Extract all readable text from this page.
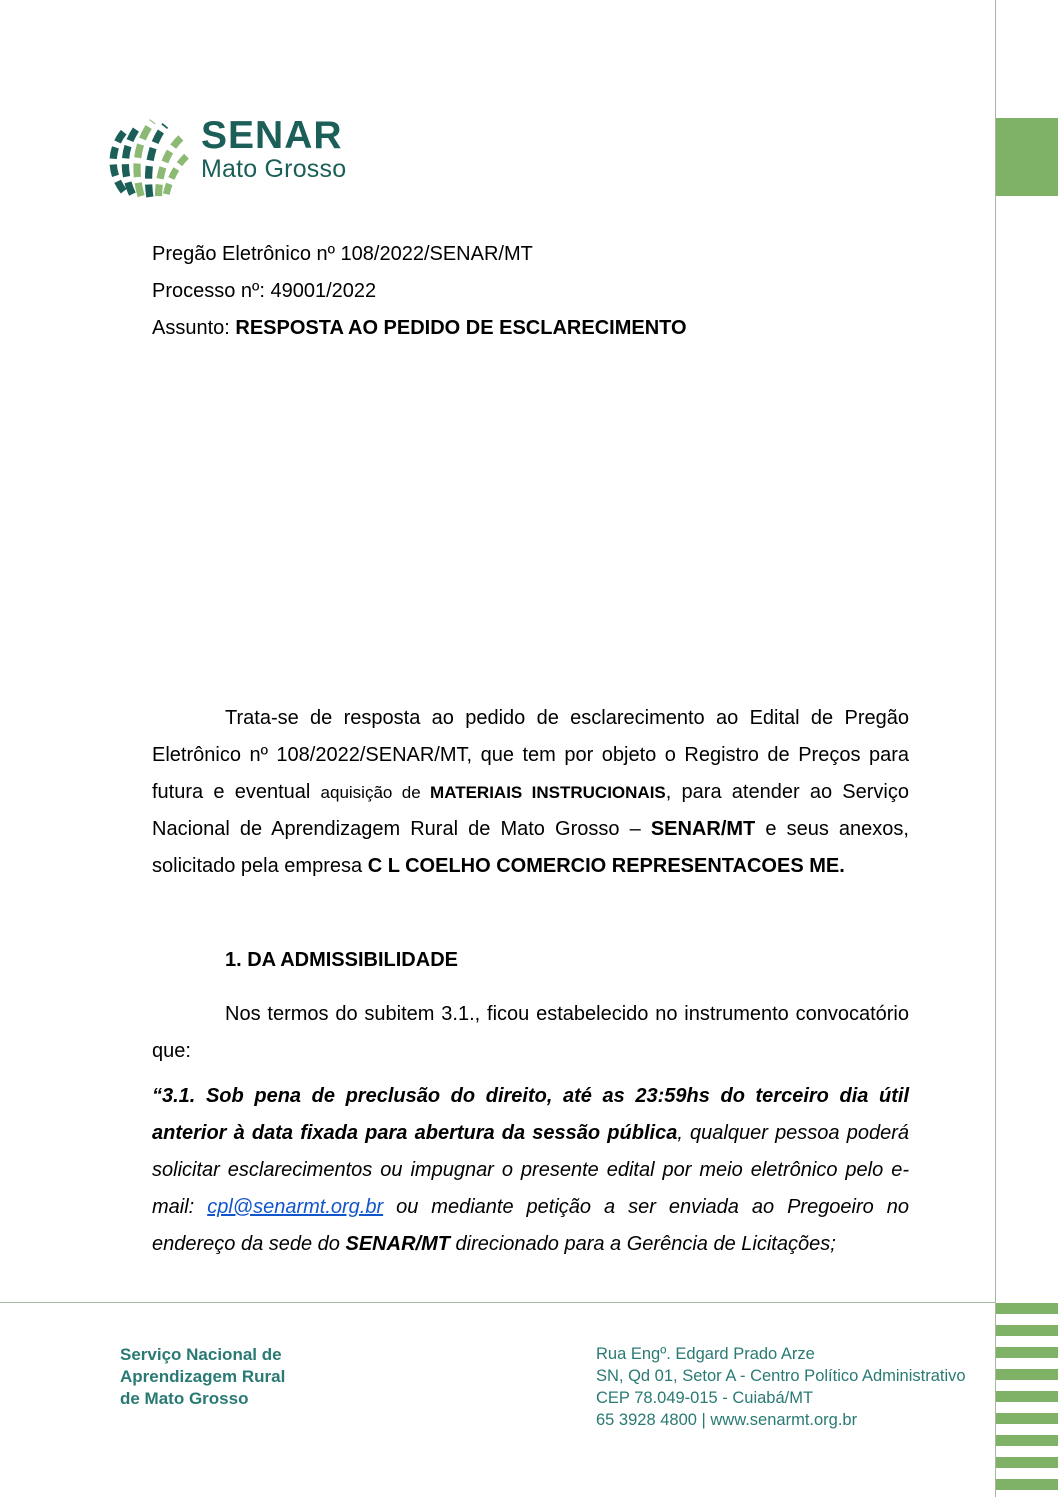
SENAR
Mato Grosso
Pregão Eletrônico nº 108/2022/SENAR/MT
Processo nº: 49001/2022
Assunto: RESPOSTA AO PEDIDO DE ESCLARECIMENTO

Trata-se de resposta ao pedido de esclarecimento ao Edital de Pregão Eletrônico nº 108/2022/SENAR/MT, que tem por objeto o Registro de Preços para futura e eventual aquisição de MATERIAIS INSTRUCIONAIS, para atender ao Serviço Nacional de Aprendizagem Rural de Mato Grosso – SENAR/MT e seus anexos, solicitado pela empresa C L COELHO COMERCIO REPRESENTACOES ME.

1. DA ADMISSIBILIDADE

Nos termos do subitem 3.1., ficou estabelecido no instrumento convocatório que:

“3.1. Sob pena de preclusão do direito, até as 23:59hs do terceiro dia útil anterior à data fixada para abertura da sessão pública, qualquer pessoa poderá solicitar esclarecimentos ou impugnar o presente edital por meio eletrônico pelo e-mail: cpl@senarmt.org.br ou mediante petição a ser enviada ao Pregoeiro no endereço da sede do SENAR/MT direcionado para a Gerência de Licitações;

Serviço Nacional de
Aprendizagem Rural
de Mato Grosso
Rua Engº. Edgard Prado Arze
SN, Qd 01, Setor A - Centro Político Administrativo
CEP 78.049-015 - Cuiabá/MT
65 3928 4800 | www.senarmt.org.br
